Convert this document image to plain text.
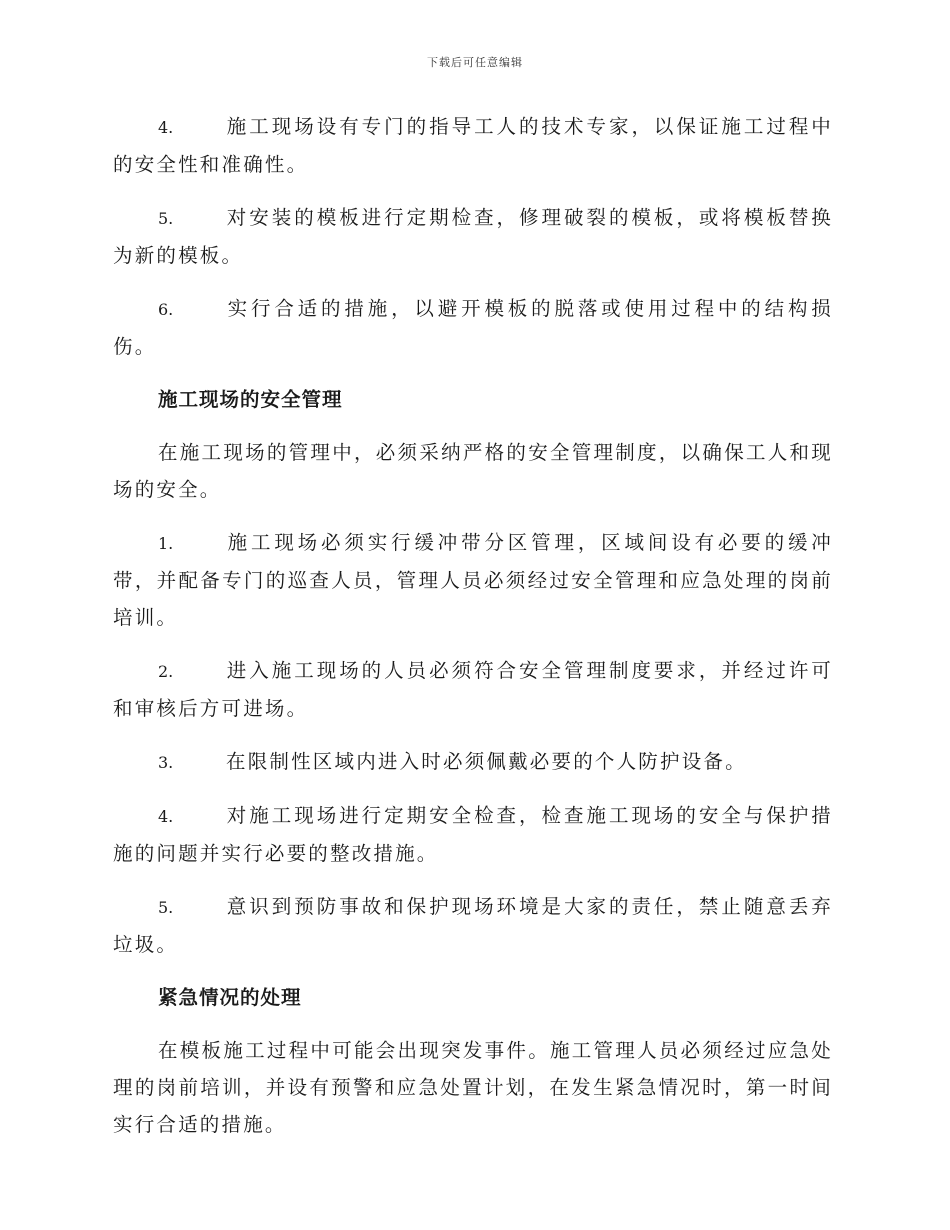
下载后可任意编辑

4.	施工现场设有专门的指导工人的技术专家，以保证施工过程中的安全性和准确性。

5.	对安装的模板进行定期检查，修理破裂的模板，或将模板替换为新的模板。

6.	实行合适的措施，以避开模板的脱落或使用过程中的结构损伤。

施工现场的安全管理

在施工现场的管理中，必须采纳严格的安全管理制度，以确保工人和现场的安全。

1.	施工现场必须实行缓冲带分区管理，区域间设有必要的缓冲带，并配备专门的巡查人员，管理人员必须经过安全管理和应急处理的岗前培训。

2.	进入施工现场的人员必须符合安全管理制度要求，并经过许可和审核后方可进场。

3.	在限制性区域内进入时必须佩戴必要的个人防护设备。

4.	对施工现场进行定期安全检查，检查施工现场的安全与保护措施的问题并实行必要的整改措施。

5.	意识到预防事故和保护现场环境是大家的责任，禁止随意丢弃垃圾。

紧急情况的处理

在模板施工过程中可能会出现突发事件。施工管理人员必须经过应急处理的岗前培训，并设有预警和应急处置计划，在发生紧急情况时，第一时间实行合适的措施。
